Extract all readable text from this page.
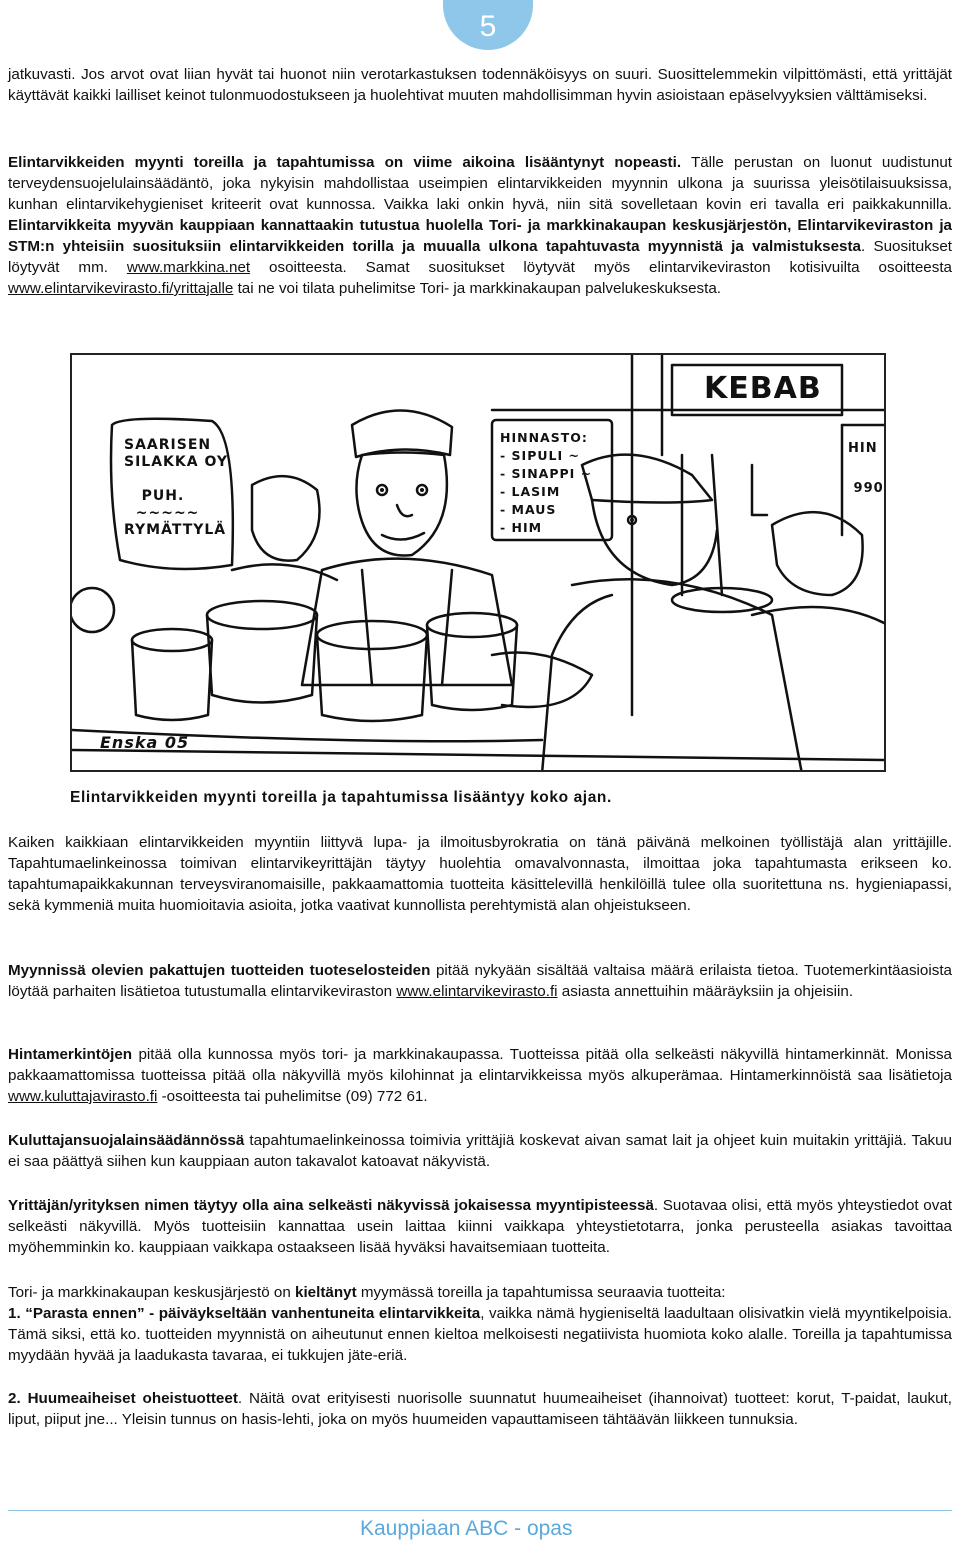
5

jatkuvasti. Jos arvot ovat liian hyvät tai huonot niin verotarkastuksen todennäköisyys on suuri. Suosittelemmekin vilpittömästi, että yrittäjät käyttävät kaikki lailliset keinot tulonmuodostukseen ja huolehtivat muuten mahdollisimman hyvin asioistaan epäselvyyksien välttämiseksi.

Elintarvikkeiden myynti toreilla ja tapahtumissa on viime aikoina lisääntynyt nopeasti. Tälle perustan on luonut uudistunut terveydensuojelulainsäädäntö, joka nykyisin mahdollistaa useimpien elintarvikkeiden myynnin ulkona ja suurissa yleisötilaisuuksissa, kunhan elintarvikehygieniset kriteerit ovat kunnossa. Vaikka laki onkin hyvä, niin sitä sovelletaan kovin eri tavalla eri paikkakunnilla. Elintarvikkeita myyvän kauppiaan kannattaakin tutustua huolella Tori- ja markkinakaupan keskusjärjestön, Elintarvikeviraston ja STM:n yhteisiin suosituksiin elintarvikkeiden torilla ja muualla ulkona tapahtuvasta myynnistä ja valmistuksesta. Suositukset löytyvät mm. www.markkina.net osoitteesta. Samat suositukset löytyvät myös elintarvikeviraston kotisivuilta osoitteesta www.elintarvikevirasto.fi/yrittajalle tai ne voi tilata puhelimitse Tori- ja markkinakaupan palvelukeskuksesta.

KEBAB
SAARISEN
SILAKKA OY

PUH.
~~~~~
RYMÄTTYLÄ
HINNASTO:
- SIPULI ~
- SINAPPI ~
- LASIM
- MAUS
- HIM
HIN

990
Enska 05
Elintarvikkeiden myynti toreilla ja tapahtumissa lisääntyy koko ajan.

Kaiken kaikkiaan elintarvikkeiden myyntiin liittyvä lupa- ja ilmoitusbyrokratia on tänä päivänä melkoinen työllistäjä alan yrittäjille. Tapahtumaelinkeinossa toimivan elintarvikeyrittäjän täytyy huolehtia omavalvonnasta, ilmoittaa joka tapahtumasta erikseen ko. tapahtumapaikkakunnan terveysviranomaisille, pakkaamattomia tuotteita käsittelevillä henkilöillä tulee olla suoritettuna ns. hygieniapassi, sekä kymmeniä muita huomioitavia asioita, jotka vaativat kunnollista perehtymistä alan ohjeistukseen.

Myynnissä olevien pakattujen tuotteiden tuoteselosteiden pitää nykyään sisältää valtaisa määrä erilaista tietoa. Tuotemerkintäasioista löytää parhaiten lisätietoa tutustumalla elintarvikeviraston www.elintarvikevirasto.fi asiasta annettuihin määräyksiin ja ohjeisiin.

Hintamerkintöjen pitää olla kunnossa myös tori- ja markkinakaupassa. Tuotteissa pitää olla selkeästi näkyvillä hintamerkinnät. Monissa pakkaamattomissa tuotteissa pitää olla näkyvillä myös kilohinnat ja elintarvikkeissa myös alkuperämaa. Hintamerkinnöistä saa lisätietoja www.kuluttajavirasto.fi -osoitteesta tai puhelimitse (09) 772 61.

Kuluttajansuojalainsäädännössä tapahtumaelinkeinossa toimivia yrittäjiä koskevat aivan samat lait ja ohjeet kuin muitakin yrittäjiä. Takuu ei saa päättyä siihen kun kauppiaan auton takavalot katoavat näkyvistä.

Yrittäjän/yrityksen nimen täytyy olla aina selkeästi näkyvissä jokaisessa myyntipisteessä. Suotavaa olisi, että myös yhteystiedot ovat selkeästi näkyvillä. Myös tuotteisiin kannattaa usein laittaa kiinni vaikkapa yhteystietotarra, jonka perusteella asiakas tavoittaa myöhemminkin ko. kauppiaan vaikkapa ostaakseen lisää hyväksi havaitsemiaan tuotteita.

Tori- ja markkinakaupan keskusjärjestö on kieltänyt myymässä toreilla ja tapahtumissa seuraavia tuotteita:

1. “Parasta ennen” - päiväykseltään vanhentuneita elintarvikkeita, vaikka nämä hygieniseltä laadultaan olisivatkin vielä myyntikelpoisia. Tämä siksi, että ko. tuotteiden myynnistä on aiheutunut ennen kieltoa melkoisesti negatiivista huomiota koko alalle. Toreilla ja tapahtumissa myydään hyvää ja laadukasta tavaraa, ei tukkujen jäte-eriä.

2. Huumeaiheiset oheistuotteet. Näitä ovat erityisesti nuorisolle suunnatut huumeaiheiset (ihannoivat) tuotteet: korut, T-paidat, laukut, liput, piiput jne... Yleisin tunnus on hasis-lehti, joka on myös huumeiden vapauttamiseen tähtäävän liikkeen tunnuksia.

Kauppiaan ABC - opas
